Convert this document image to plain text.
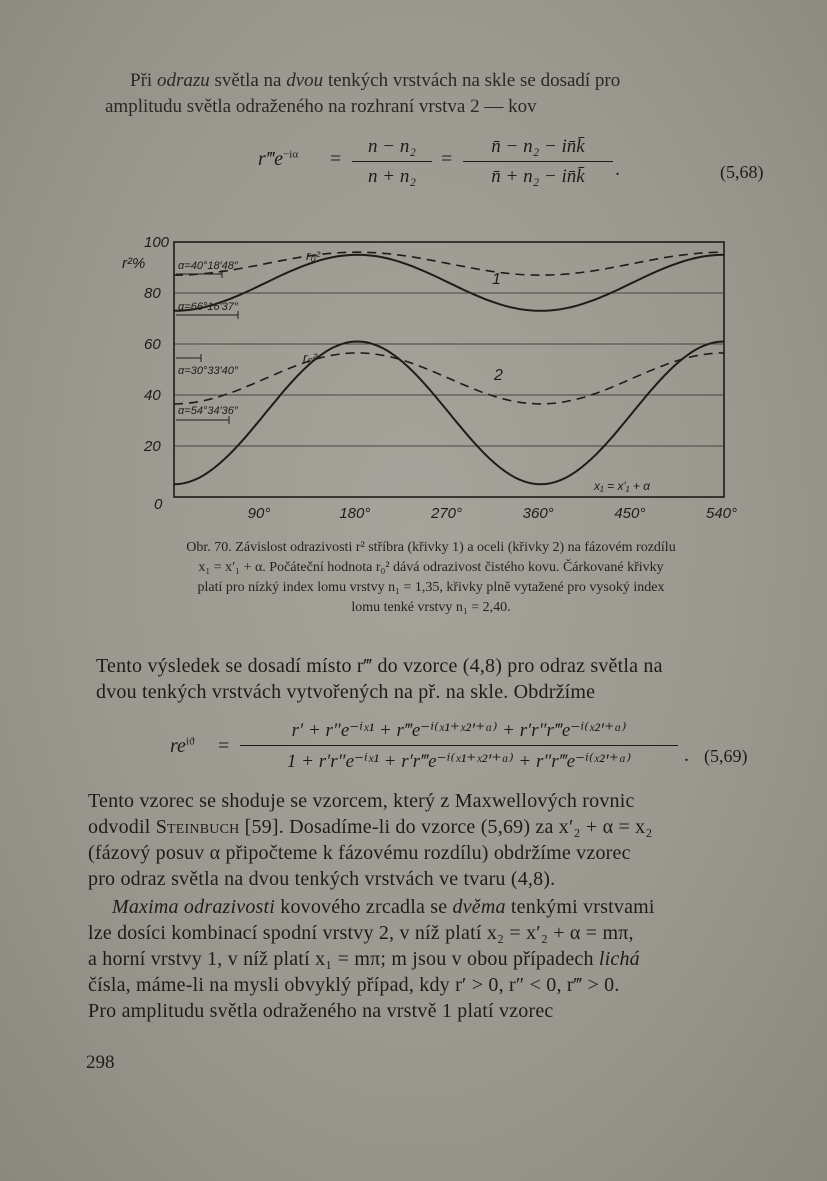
Při odrazu světla na dvou tenkých vrstvách na skle se dosadí pro
amplitudu světla odraženého na rozhraní vrstva 2 — kov
$r‴e^{-i\alpha}$ =
n − n₂
n + n₂
=
n̄ − n₂ − in̄k̄
n̄ + n₂ − in̄k̄	.	(5,68)
100
80
60
40
20
0
90°	180°	270°	360°	450°	540°
α=40°18′48″
α=66°16′37″
α=30°33′40″
α=54°34′36″
1
2
r₀²
r₀²
r²%
x₁ = x′₁ + α
Obr. 70. Závislost odrazivosti r² stříbra (křivky 1) a oceli (křivky 2) na fázovém rozdílu
x₁ = x′₁ + α. Počáteční hodnota r₀² dává odrazivost čistého kovu. Čárkované křivky
platí pro nízký index lomu vrstvy n₁ = 1,35, křivky plně vytažené pro vysoký index
lomu tenké vrstvy n₁ = 2,40.
Tento výsledek se dosadí místo r‴ do vzorce (4,8) pro odraz světla na
dvou tenkých vrstvách vytvořených na př. na skle. Obdržíme
$re^{iϑ}$ =
r′ + r″e⁻ⁱˣ¹ + r‴e⁻ⁱ⁽ˣ¹⁺ˣ²′⁺ᵅ⁾ + r′r″r‴e⁻ⁱ⁽ˣ²′⁺ᵅ⁾
1 + r′r″e⁻ⁱˣ¹ + r′r‴e⁻ⁱ⁽ˣ¹⁺ˣ²′⁺ᵅ⁾ + r″r‴e⁻ⁱ⁽ˣ²′⁺ᵅ⁾	. (5,69)
Tento vzorec se shoduje se vzorcem, který z Maxwellových rovnic
odvodil Steinbuch [59]. Dosadíme-li do vzorce (5,69) za x′₂ + α = x₂
(fázový posuv α připočteme k fázovému rozdílu) obdržíme vzorec
pro odraz světla na dvou tenkých vrstvách ve tvaru (4,8).
Maxima odrazivosti kovového zrcadla se dvěma tenkými vrstvami
lze dosíci kombinací spodní vrstvy 2, v níž platí x₂ = x′₂ + α = mπ,
a horní vrstvy 1, v níž platí x₁ = mπ; m jsou v obou případech lichá
čísla, máme-li na mysli obvyklý případ, kdy r′ > 0, r″ < 0, r‴ > 0.
Pro amplitudu světla odraženého na vrstvě 1 platí vzorec
298
